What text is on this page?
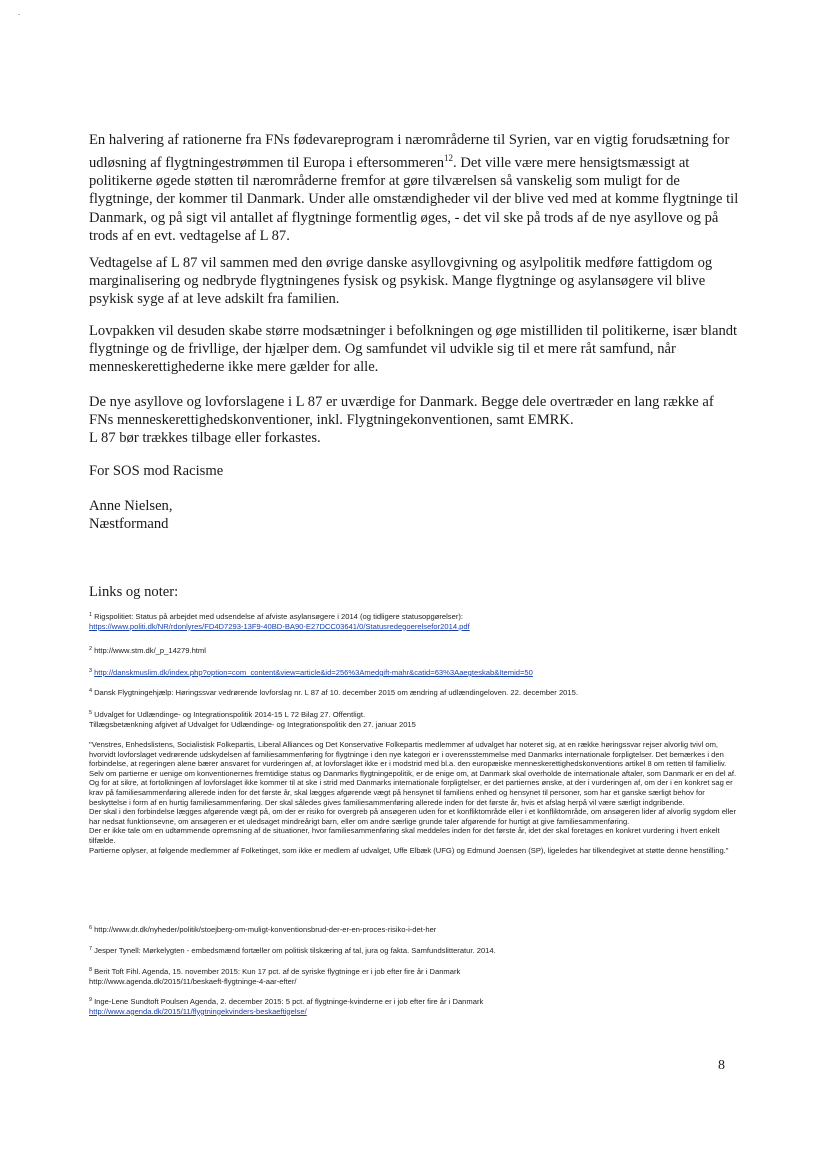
En halvering af rationerne fra FNs fødevareprogram i nærområderne til Syrien, var en vigtig forudsætning for udløsning af flygtningestrømmen til Europa i eftersommeren$^{12}$. Det ville være mere hensigtsmæssigt at politikerne øgede støtten til nærområderne fremfor at gøre tilværelsen så vanskelig som muligt for de flygtninge, der kommer til Danmark. Under alle omstændigheder vil der blive ved med at komme flygtninge til Danmark, og på sigt vil antallet af flygtninge formentlig øges, - det vil ske på trods af de nye asyllove og på trods af en evt. vedtagelse af L 87.

Vedtagelse af L 87 vil sammen med den øvrige danske asyllovgivning og asylpolitik medføre fattigdom og marginalisering og nedbryde flygtningenes fysisk og psykisk. Mange flygtninge og asylansøgere vil blive psykisk syge af at leve adskilt fra familien.

Lovpakken vil desuden skabe større modsætninger i befolkningen og øge mistilliden til politikerne, især blandt flygtninge og de frivllige, der hjælper dem. Og samfundet vil udvikle sig til et mere råt samfund, når menneskerettighederne ikke mere gælder for alle.

De nye asyllove og lovforslagene i L 87 er uværdige for Danmark. Begge dele overtræder en lang række af FNs menneskerettighedskonventioner, inkl. Flygtningekonventionen, samt EMRK.

L 87 bør trækkes tilbage eller forkastes.

For SOS mod Racisme

Anne Nielsen,

Næstformand

Links og noter:

$^1$ Rigspolitiet: Status på arbejdet med udsendelse af afviste asylansøgere i 2014 (og tidligere statusopgørelser):

https://www.politi.dk/NR/rdonlyres/FD4D7293-13F9-40BD-BA90-E27DCC03641/0/Statusredegoerelsefor2014.pdf

$^2$ http://www.stm.dk/_p_14279.html

$^3$ http://danskmuslim.dk/index.php?option=com_content&view=article&id=256%3Amedgift-mahr&catid=63%3Aaegteskab&Itemid=50

$^4$ Dansk Flygtningehjælp: Høringssvar vedrørende lovforslag nr. L 87 af 10. december 2015 om ændring af udlændingeloven. 22. december 2015.

$^5$ Udvalget for Udlændinge- og Integrationspolitik 2014-15 L 72 Bilag 27. Offentligt.

Tillægsbetænkning afgivet af Udvalget for Udlændinge- og Integrationspolitik den 27. januar 2015

"Venstres, Enhedslistens, Socialistisk Folkepartis, Liberal Alliances og Det Konservative Folkepartis medlemmer af udvalget har noteret sig, at en række høringssvar rejser alvorlig tvivl om, hvorvidt lovforslaget vedrørende udskydelsen af familiesammenføring for flygtninge i den nye kategori er i overensstemmelse med Danmarks internationale forpligtelser. Det bemærkes i den forbindelse, at regeringen alene bærer ansvaret for vurderingen af, at lovforslaget ikke er i modstrid med bl.a. den europæiske menneskerettighedskonventions artikel 8 om retten til familieliv.

Selv om partierne er uenige om konventionernes fremtidige status og Danmarks flygtningepolitik, er de enige om, at Danmark skal overholde de internationale aftaler, som Danmark er en del af. Og for at sikre, at fortolkningen af lovforslaget ikke kommer til at ske i strid med Danmarks internationale forpligtelser, er det partiernes ønske, at der i vurderingen af, om der i en konkret sag er krav på familiesammenføring allerede inden for det første år, skal lægges afgørende vægt på hensynet til familiens enhed og hensynet til personer, som har et ganske særligt behov for beskyttelse i form af en hurtig familiesammenføring. Der skal således gives familiesammenføring allerede inden for det første år, hvis et afslag herpå vil være særligt indgribende.

Der skal i den forbindelse lægges afgørende vægt på, om der er risiko for overgreb på ansøgeren uden for et konfliktområde eller i et konfliktområde, om ansøgeren lider af alvorlig sygdom eller har nedsat funktionsevne, om ansøgeren er et uledsaget mindreårigt barn, eller om andre særlige grunde taler afgørende for hurtigt at give familiesammenføring.

Der er ikke tale om en udtømmende opremsning af de situationer, hvor familiesammenføring skal meddeles inden for det første år, idet der skal foretages en konkret vurdering i hvert enkelt tilfælde.

Partierne oplyser, at følgende medlemmer af Folketinget, som ikke er medlem af udvalget, Uffe Elbæk (UFG) og Edmund Joensen (SP), ligeledes har tilkendegivet at støtte denne henstilling."

$^6$ http://www.dr.dk/nyheder/politik/stoejberg-om-muligt-konventionsbrud-der-er-en-proces-risiko-i-det-her

$^7$ Jesper Tynell: Mørkelygten - embedsmænd fortæller om politisk tilskæring af tal, jura og fakta. Samfundslitteratur. 2014.

$^8$ Berit Toft Fihl. Agenda, 15. november 2015: Kun 17 pct. af de syriske flygtninge er i job efter fire år i Danmark

http://www.agenda.dk/2015/11/beskaeft-flygtninge-4-aar-efter/

$^9$ Inge-Lene Sundtoft Poulsen Agenda, 2. december 2015: 5 pct. af flygtninge-kvinderne er i job efter fire år i Danmark

http://www.agenda.dk/2015/11/flygtningekvinders-beskaeftigelse/

8
